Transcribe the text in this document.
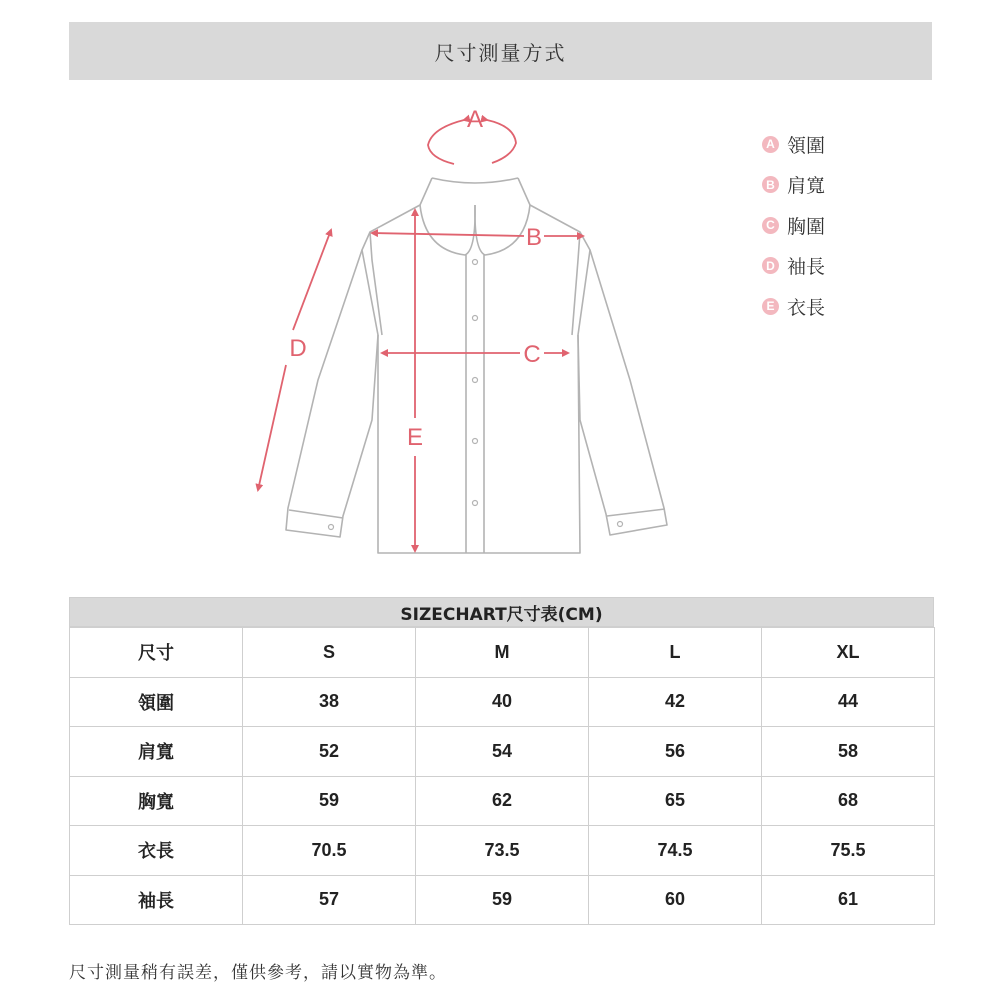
尺寸測量方式
A
B
C
D
E
A 領圍
B 肩寬
C 胸圍
D 袖長
E 衣長
SIZECHART尺寸表(CM)
尺寸	S	M	L	XL
領圍	38	40	42	44
肩寬	52	54	56	58
胸寬	59	62	65	68
衣長	70.5	73.5	74.5	75.5
袖長	57	59	60	61
尺寸測量稍有誤差，僅供參考，請以實物為準。
